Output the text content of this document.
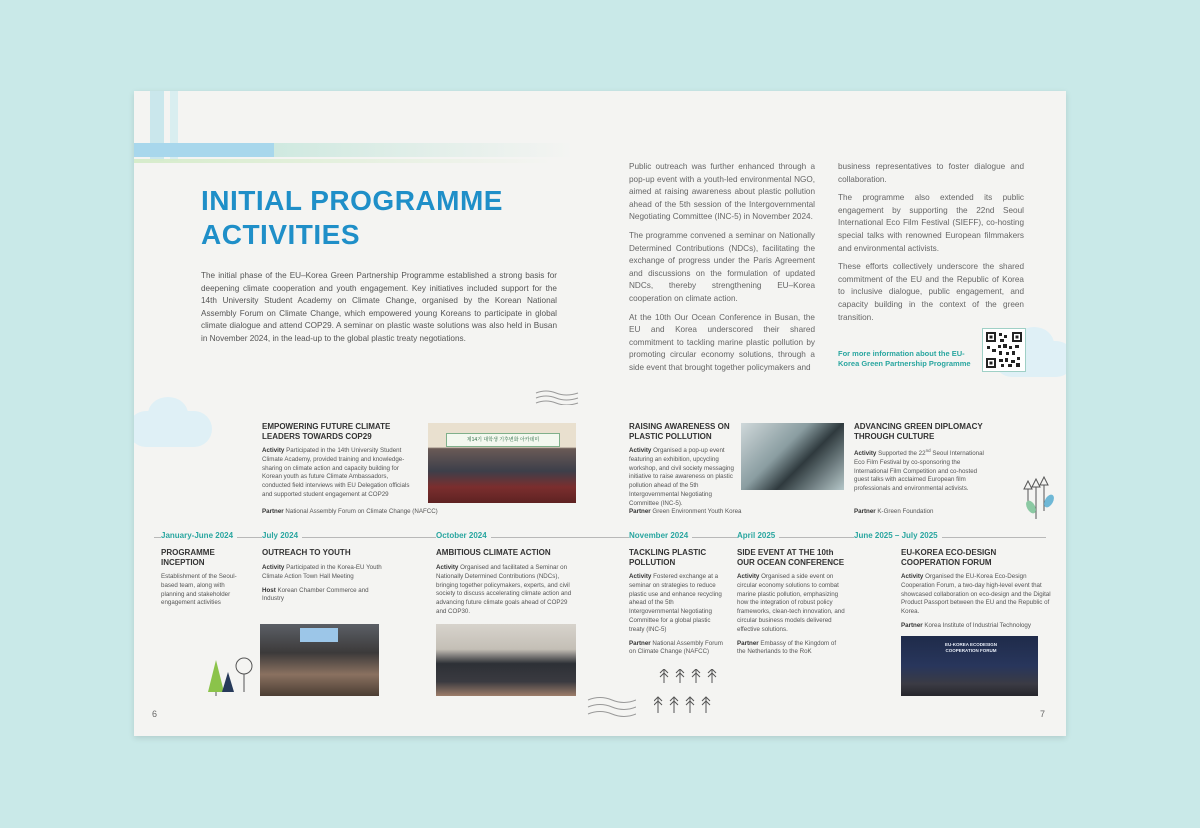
INITIAL PROGRAMME
ACTIVITIES
The initial phase of the EU–Korea Green Partnership Programme established a strong basis for deepening climate cooperation and youth engagement. Key initiatives included support for the 14th University Student Academy on Climate Change, organised by the Korean National Assembly Forum on Climate Change, which empowered young Koreans to participate in global climate dialogue and attend COP29. A seminar on plastic waste solutions was also held in Busan in November 2024, in the lead-up to the global plastic treaty negotiations.

Public outreach was further enhanced through a pop-up event with a youth-led environmental NGO, aimed at raising awareness about plastic pollution ahead of the 5th session of the Intergovernmental Negotiating Committee (INC-5) in November 2024.

The programme convened a seminar on Nationally Determined Contributions (NDCs), facilitating the exchange of progress under the Paris Agreement and discussions on the formulation of updated NDCs, thereby strengthening EU–Korea cooperation on climate action.

At the 10th Our Ocean Conference in Busan, the EU and Korea underscored their shared commitment to tackling marine plastic pollution by promoting circular economy solutions, through a side event that brought together policymakers and

business representatives to foster dialogue and collaboration.

The programme also extended its public engagement by supporting the 22nd Seoul International Eco Film Festival (SIEFF), co-hosting special talks with renowned European filmmakers and environmental activists.

These efforts collectively underscore the shared commitment of the EU and the Republic of Korea to inclusive dialogue, public engagement, and capacity building in the context of the green transition.

For more information about the EU-Korea Green Partnership Programme
EMPOWERING FUTURE CLIMATE LEADERS TOWARDS COP29
Activity Participated in the 14th University Student Climate Academy, provided training and knowledge-sharing on climate action and capacity building for Korean youth as future Climate Ambassadors, conducted field interviews with EU Delegation officials and supported student engagement at COP29
Partner National Assembly Forum on Climate Change (NAFCC)
제14기 대학생 기후변화 아카데미
RAISING AWARENESS ON PLASTIC POLLUTION
Activity Organised a pop-up event featuring an exhibition, upcycling workshop, and civil society messaging initiative to raise awareness on plastic pollution ahead of the 5th Intergovernmental Negotiating Committee (INC-5).
Partner Green Environment Youth Korea
ADVANCING GREEN DIPLOMACY THROUGH CULTURE
Activity Supported the 22nd Seoul International Eco Film Festival by co-sponsoring the International Film Competition and co-hosted guest talks with acclaimed European film professionals and environmental activists.
Partner K-Green Foundation
January-June 2024	July 2024	October 2024	November 2024	April 2025	June 2025 – July 2025
PROGRAMME INCEPTION
Establishment of the Seoul-based team, along with planning and stakeholder engagement activities
OUTREACH TO YOUTH
Activity Participated in the Korea-EU Youth Climate Action Town Hall Meeting
Host Korean Chamber Commerce and Industry
AMBITIOUS CLIMATE ACTION
Activity Organised and facilitated a Seminar on Nationally Determined Contributions (NDCs), bringing together policymakers, experts, and civil society to discuss accelerating climate action and advancing future climate goals ahead of COP29 and COP30.
TACKLING PLASTIC POLLUTION
Activity Fostered exchange at a seminar on strategies to reduce plastic use and enhance recycling ahead of the 5th Intergovernmental Negotiating Committee for a global plastic treaty (INC-5)
Partner National Assembly Forum on Climate Change (NAFCC)
SIDE EVENT AT THE 10th OUR OCEAN CONFERENCE
Activity Organised a side event on circular economy solutions to combat marine plastic pollution, emphasizing how the integration of robust policy frameworks, clean-tech innovation, and circular business models delivered effective solutions.
Partner Embassy of the Kingdom of the Netherlands to the RoK
EU-KOREA ECO-DESIGN COOPERATION FORUM
Activity Organised the EU-Korea Eco-Design Cooperation Forum, a two-day high-level event that showcased collaboration on eco-design and the Digital Product Passport between the EU and the Republic of Korea.
Partner Korea Institute of Industrial Technology
EU-KOREA ECODESIGN COOPERATION FORUM
6	7
